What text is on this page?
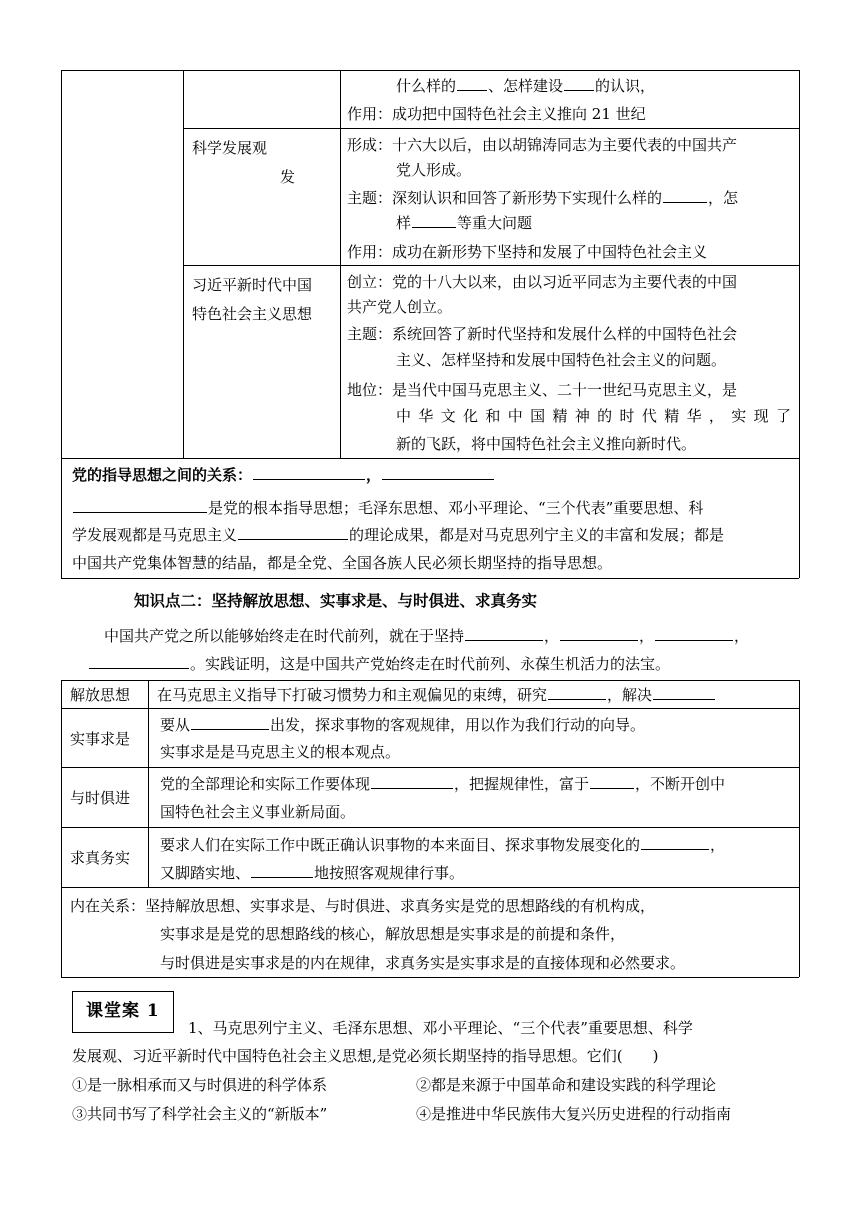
什么样的 、怎样建设 的认识，
作用：成功把中国特色社会主义推向 21 世纪
科学发展观
发
形成：十六大以后，由以胡锦涛同志为主要代表的中国共产
党人形成。
主题：深刻认识和回答了新形势下实现什么样的	，怎
样	等重大问题
作用：成功在新形势下坚持和发展了中国特色社会主义
习近平新时代中国
特色社会主义思想
创立：党的十八大以来，由以习近平同志为主要代表的中国
共产党人创立。
主题：系统回答了新时代坚持和发展什么样的中国特色社会
主义、怎样坚持和发展中国特色社会主义的问题。
地位：是当代中国马克思主义、二十一世纪马克思主义，是
中华文化和中国精神的时代精华，实现了
新的飞跃，将中国特色社会主义推向新时代。
党的指导思想之间的关系：	，
是党的根本指导思想；毛泽东思想、邓小平理论、“三个代表”重要思想、科
学发展观都是马克思主义	的理论成果，都是对马克思列宁主义的丰富和发展；都是
中国共产党集体智慧的结晶，都是全党、全国各族人民必须长期坚持的指导思想。
知识点二：坚持解放思想、实事求是、与时俱进、求真务实
中国共产党之所以能够始终走在时代前列，就在于坚持	，	，	，
。实践证明，这是中国共产党始终走在时代前列、永葆生机活力的法宝。
解放思想 在马克思主义指导下打破习惯势力和主观偏见的束缚，研究	，解决
实事求是
要从	出发，探求事物的客观规律，用以作为我们行动的向导。
实事求是是马克思主义的根本观点。
与时俱进
党的全部理论和实际工作要体现	，把握规律性，富于	，不断开创中
国特色社会主义事业新局面。
求真务实
要求人们在实际工作中既正确认识事物的本来面目、探求事物发展变化的	，
又脚踏实地、	地按照客观规律行事。
内在关系：坚持解放思想、实事求是、与时俱进、求真务实是党的思想路线的有机构成，
实事求是是党的思想路线的核心，解放思想是实事求是的前提和条件，
与时俱进是实事求是的内在规律，求真务实是实事求是的直接体现和必然要求。
课堂案 1
1、马克思列宁主义、毛泽东思想、邓小平理论、“三个代表”重要思想、科学
发展观、习近平新时代中国特色社会主义思想,是党必须长期坚持的指导思想。它们(　　)
①是一脉相承而又与时俱进的科学体系	②都是来源于中国革命和建设实践的科学理论
③共同书写了科学社会主义的“新版本”	④是推进中华民族伟大复兴历史进程的行动指南
